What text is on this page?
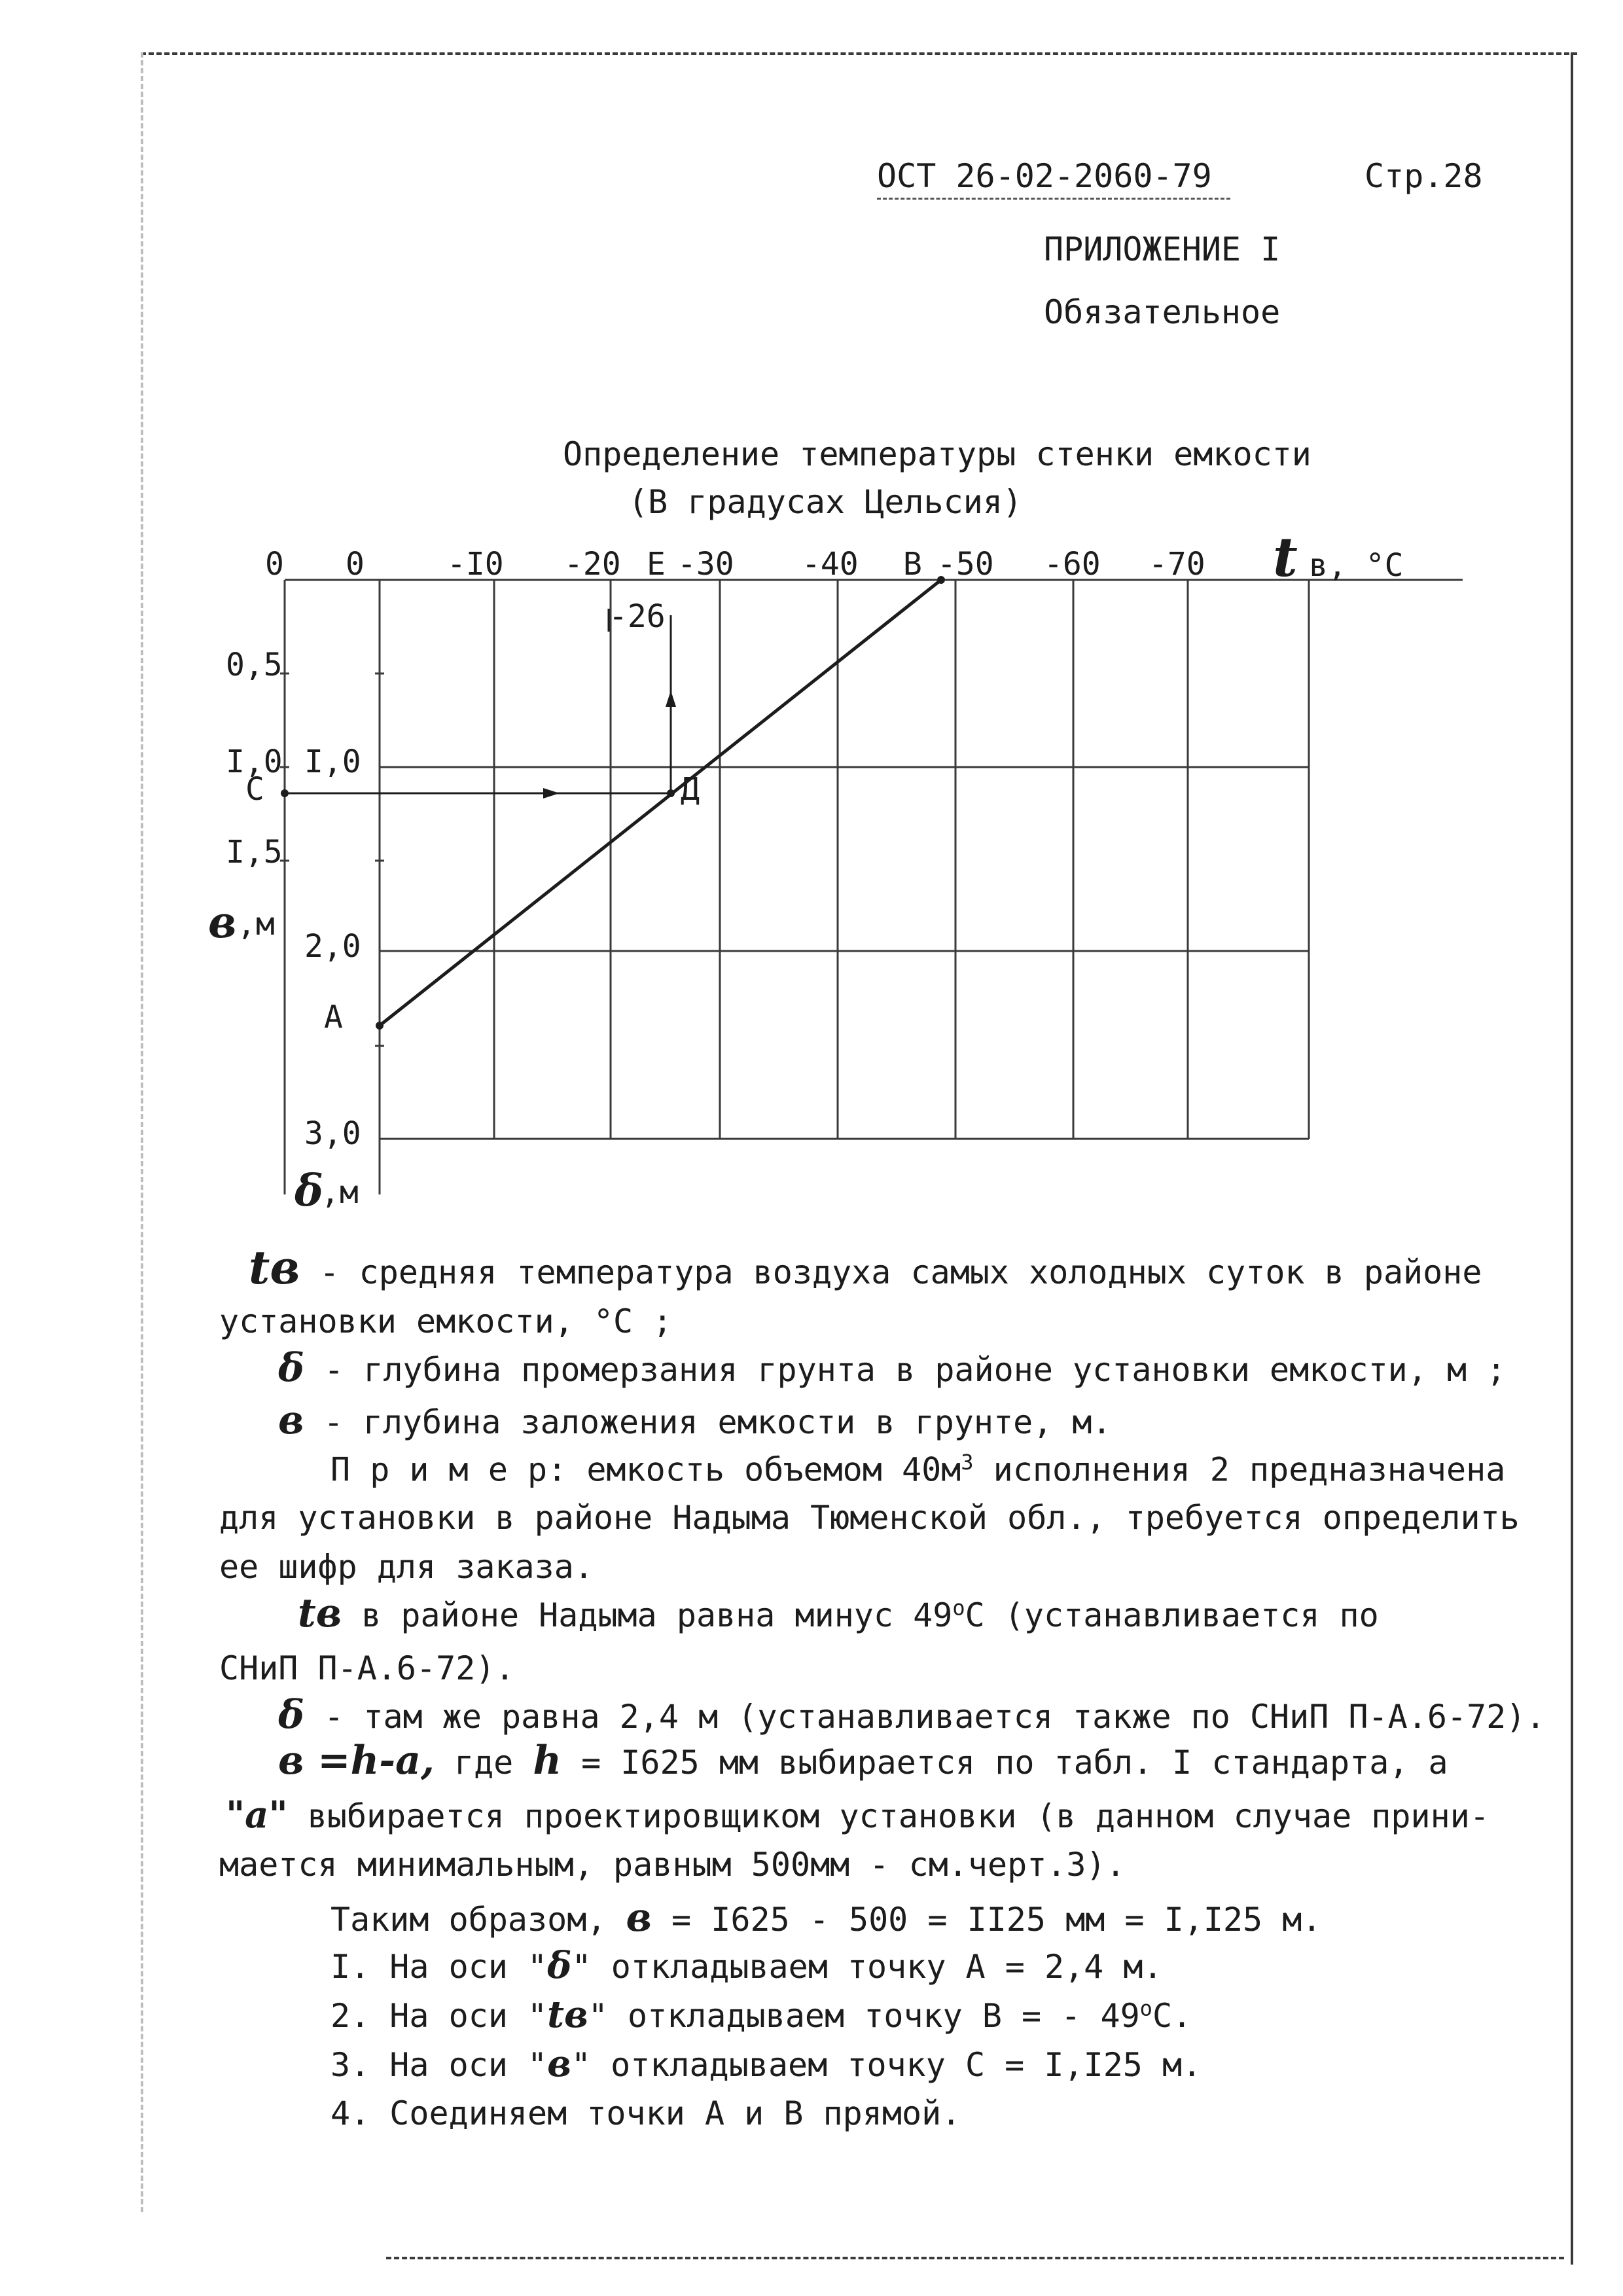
ОСТ 26-02-2060-79	Стр.28
ПРИЛОЖЕНИЕ I
Обязательное
Определение температуры стенки емкости
(В градусах Цельсия)
0 0	-I0 -20 Е -30 -40 В -50 -60 -70 t в, °С
-26
0,5
I,0
С
I,5
в ,м
I,0
2,0
А
3,0
δ
,м
Д
tв - средняя температура воздуха самых холодных суток в районе
установки емкости, °С ;
δ - глубина промерзания грунта в районе установки емкости, м ;
в - глубина заложения емкости в грунте, м.
П р и м е р: емкость объемом $40м^3$ исполнения 2 предназначена
для установки в районе Надыма Тюменской обл., требуется определить
ее шифр для заказа.
tв в районе Надыма равна минус $49^оС$ (устанавливается по
СНиП П-А.6-72).
δ - там же равна 2,4 м (устанавливается также по СНиП П-А.6-72).
в =h-а, где h = I625 мм выбирается по табл. I стандарта, а
"а" выбирается проектировщиком установки (в данном случае прини-
мается минимальным, равным 500мм - см.черт.3).
Таким образом, в = I625 - 500 = II25 мм = I,I25 м.
I. На оси "δ" откладываем точку А = 2,4 м.
2. На оси "tв" откладываем точку В = - $49^оС$.
3. На оси "в" откладываем точку С = I,I25 м.
4. Соединяем точки А и В прямой.
